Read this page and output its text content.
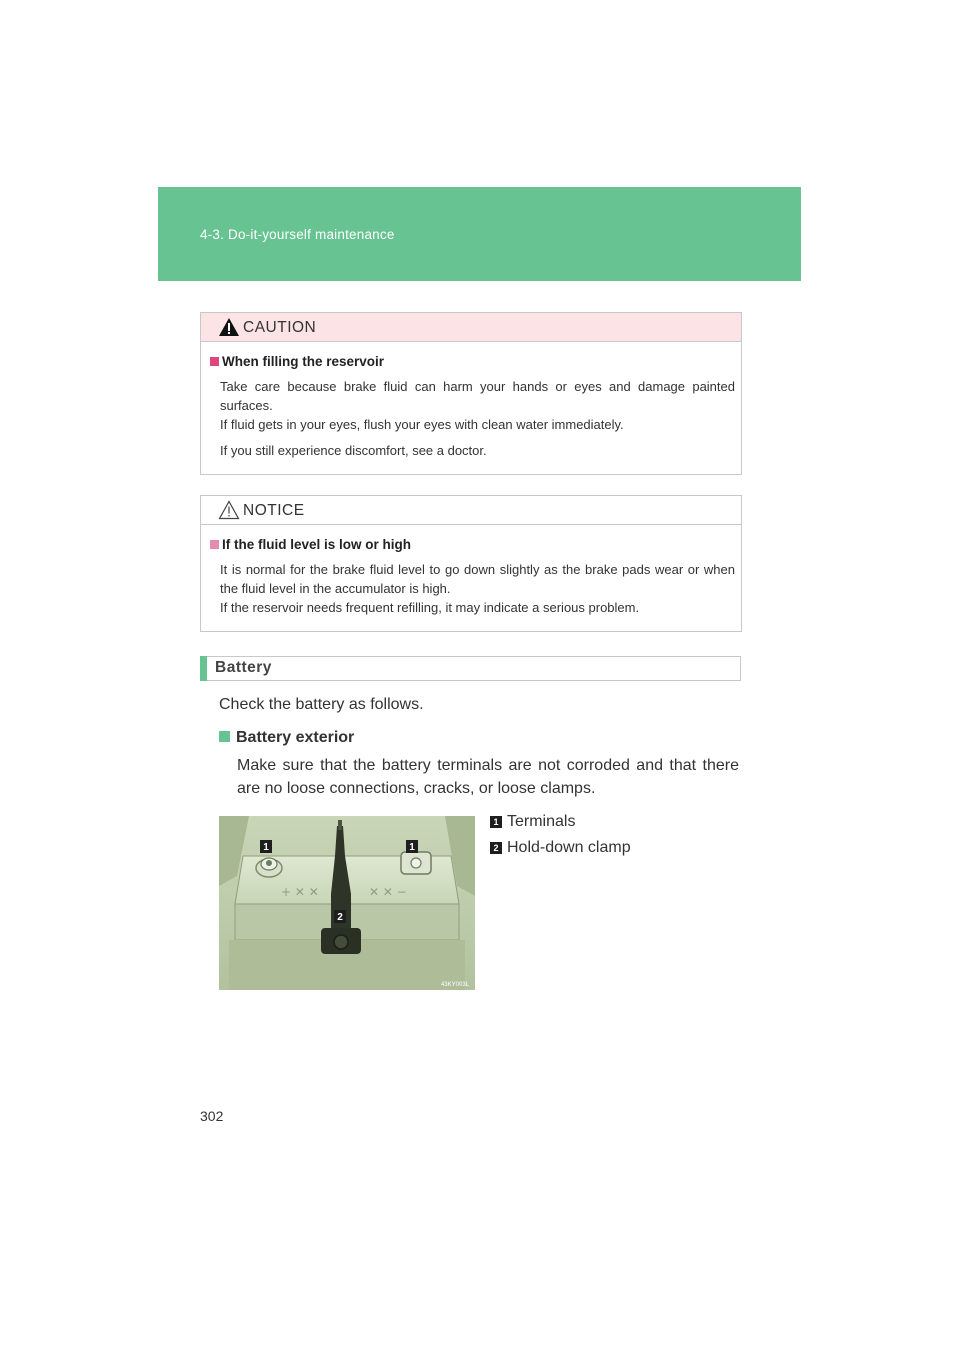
4-3. Do-it-yourself maintenance
CAUTION
When filling the reservoir

Take care because brake fluid can harm your hands or eyes and damage painted surfaces.

If fluid gets in your eyes, flush your eyes with clean water immediately.

If you still experience discomfort, see a doctor.

NOTICE
If the fluid level is low or high

It is normal for the brake fluid level to go down slightly as the brake pads wear or when the fluid level in the accumulator is high.

If the reservoir needs frequent refilling, it may indicate a serious problem.

Battery
Check the battery as follows.
Battery exterior
Make sure that the battery terminals are not corroded and that there are no loose connections, cracks, or loose clamps.
+ ✕ ✕	✕ ✕ −
1	1
2
43KY003L
1 Terminals
2 Hold-down clamp
302
